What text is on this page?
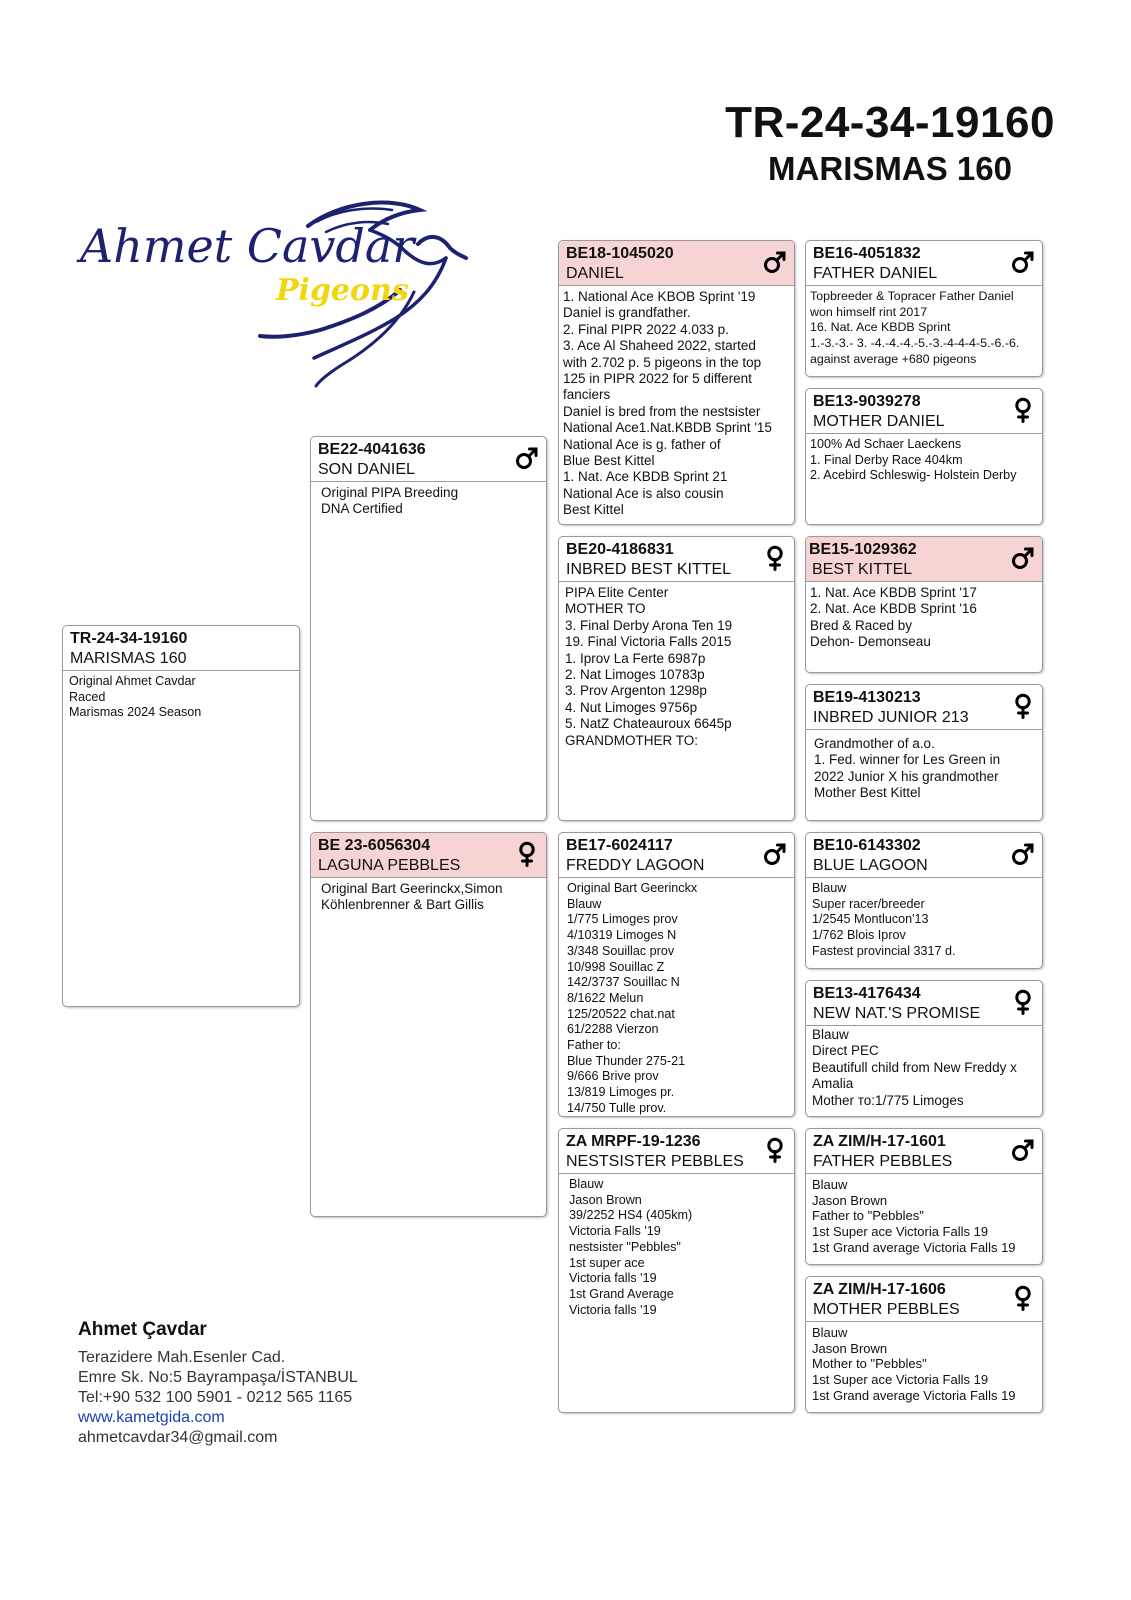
TR-24-34-19160
MARISMAS 160
Ahmet Cavdar
Pigeons
TR-24-34-19160
MARISMAS 160
Original Ahmet Cavdar
Raced
Marismas 2024 Season
BE22-4041636
SON DANIEL
Original PIPA Breeding
DNA Certified
BE 23-6056304
LAGUNA PEBBLES
Original Bart Geerinckx,Simon
Köhlenbrenner & Bart Gillis
BE18-1045020
DANIEL
1. National Ace KBOB Sprint '19
Daniel is grandfather.
2. Final PIPR 2022 4.033 p.
3. Ace Al Shaheed 2022, started
with 2.702 p. 5 pigeons in the top
125 in PIPR 2022 for 5 different
fanciers
Daniel is bred from the nestsister
National Ace1.Nat.KBDB Sprint '15
National Ace is g. father of
Blue Best Kittel
1. Nat. Ace KBDB Sprint 21
National Ace is also cousin
Best Kittel
BE20-4186831
INBRED BEST KITTEL
PIPA Elite Center
MOTHER TO
3. Final Derby Arona Ten 19
19. Final Victoria Falls 2015
1. Iprov La Ferte 6987p
2. Nat Limoges 10783p
3. Prov Argenton 1298p
4. Nut Limoges 9756p
5. NatZ Chateauroux 6645p
GRANDMOTHER TO:
BE17-6024117
FREDDY LAGOON
Original Bart Geerinckx
Blauw
1/775 Limoges prov
4/10319 Limoges N
3/348 Souillac prov
10/998 Souillac Z
142/3737 Souillac N
8/1622 Melun
125/20522 chat.nat
61/2288 Vierzon
Father to:
Blue Thunder 275-21
9/666 Brive prov
13/819 Limoges pr.
14/750 Tulle prov.
ZA MRPF-19-1236
NESTSISTER PEBBLES
Blauw
Jason Brown
39/2252 HS4 (405km)
Victoria Falls '19
nestsister "Pebbles"
1st super ace
Victoria falls '19
1st Grand Average
Victoria falls '19
BE16-4051832
FATHER DANIEL
Topbreeder & Topracer Father Daniel
won himself rint 2017
16. Nat. Ace KBDB Sprint
1.-3.-3.- 3. -4.-4.-4.-5.-3.-4-4-4-5.-6.-6.
against average +680 pigeons
BE13-9039278
MOTHER DANIEL
100% Ad Schaer Laeckens
1. Final Derby Race 404km
2. Acebird Schleswig- Holstein Derby
BE15-1029362
BEST KITTEL
1. Nat. Ace KBDB Sprint '17
2. Nat. Ace KBDB Sprint '16
Bred & Raced by
Dehon- Demonseau
BE19-4130213
INBRED JUNIOR 213
Grandmother of a.o.
1. Fed. winner for Les Green in
2022 Junior X his grandmother
Mother Best Kittel
BE10-6143302
BLUE LAGOON
Blauw
Super racer/breeder
1/2545 Montlucon'13
1/762 Blois Iprov
Fastest provincial 3317 d.
BE13-4176434
NEW NAT.'S PROMISE
Blauw
Direct PEC
Beautifull child from New Freddy x
Amalia
Mother то:1/775 Limoges
ZA ZIM/H-17-1601
FATHER PEBBLES
Blauw
Jason Brown
Father to "Pebbles"
1st Super ace Victoria Falls 19
1st Grand average Victoria Falls 19
ZA ZIM/H-17-1606
MOTHER PEBBLES
Blauw
Jason Brown
Mother to "Pebbles"
1st Super ace Victoria Falls 19
1st Grand average Victoria Falls 19
Ahmet Çavdar
Terazidere Mah.Esenler Cad.
Emre Sk. No:5 Bayrampaşa/İSTANBUL
Tel:+90 532 100 5901 - 0212 565 1165
www.kametgida.com
ahmetcavdar34@gmail.com
